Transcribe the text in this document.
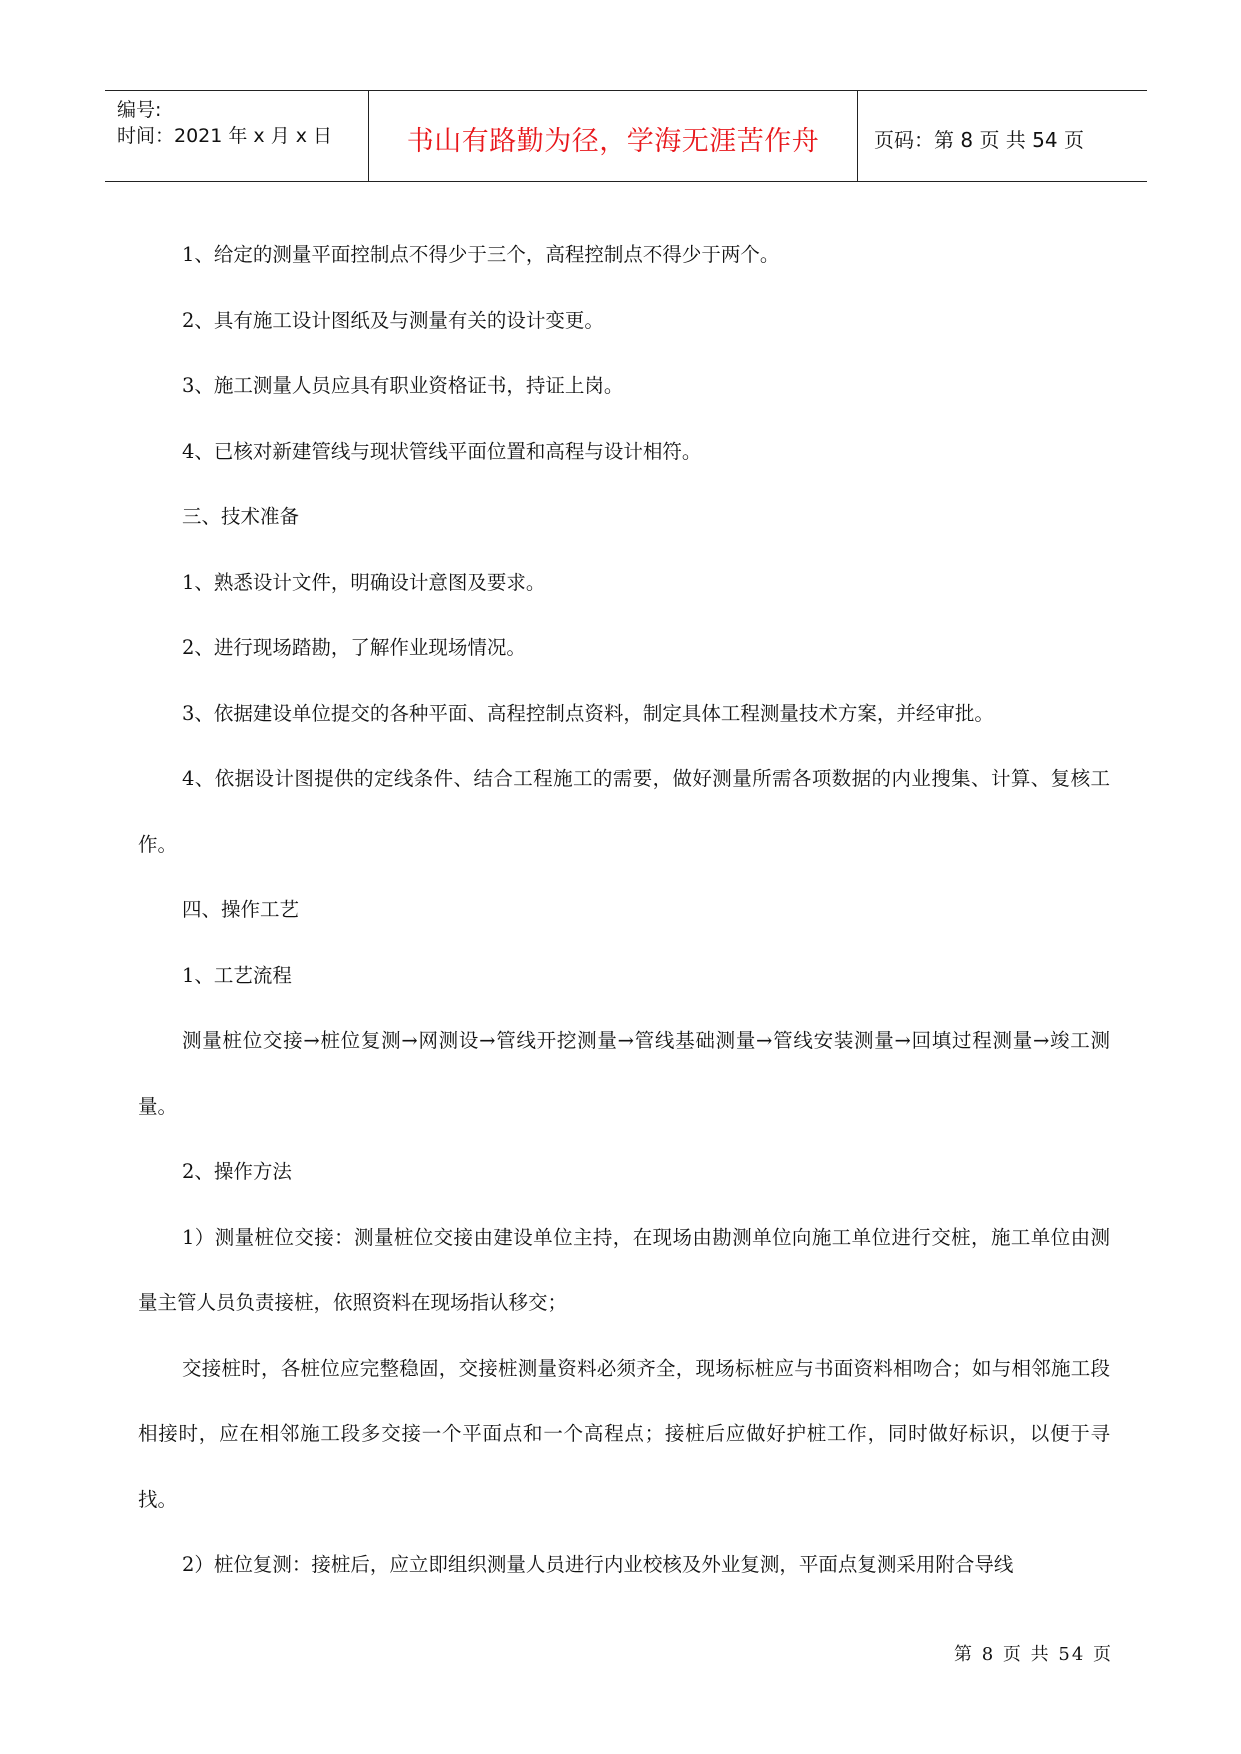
编号:
时间：2021 年 x 月 x 日	书山有路勤为径，学海无涯苦作舟	页码：第 8 页 共 54 页

1、给定的测量平面控制点不得少于三个，高程控制点不得少于两个。

2、具有施工设计图纸及与测量有关的设计变更。

3、施工测量人员应具有职业资格证书，持证上岗。

4、已核对新建管线与现状管线平面位置和高程与设计相符。

三、技术准备

1、熟悉设计文件，明确设计意图及要求。

2、进行现场踏勘，了解作业现场情况。

3、依据建设单位提交的各种平面、高程控制点资料，制定具体工程测量技术方案，并经审批。

4、依据设计图提供的定线条件、结合工程施工的需要，做好测量所需各项数据的内业搜集、计算、复核工作。

四、操作工艺

1、工艺流程

测量桩位交接→桩位复测→网测设→管线开挖测量→管线基础测量→管线安装测量→回填过程测量→竣工测量。

2、操作方法

1）测量桩位交接：测量桩位交接由建设单位主持，在现场由勘测单位向施工单位进行交桩，施工单位由测量主管人员负责接桩，依照资料在现场指认移交；

交接桩时，各桩位应完整稳固，交接桩测量资料必须齐全，现场标桩应与书面资料相吻合；如与相邻施工段相接时，应在相邻施工段多交接一个平面点和一个高程点；接桩后应做好护桩工作，同时做好标识，以便于寻找。

2）桩位复测：接桩后，应立即组织测量人员进行内业校核及外业复测，平面点复测采用附合导线

第 8 页 共 54 页
